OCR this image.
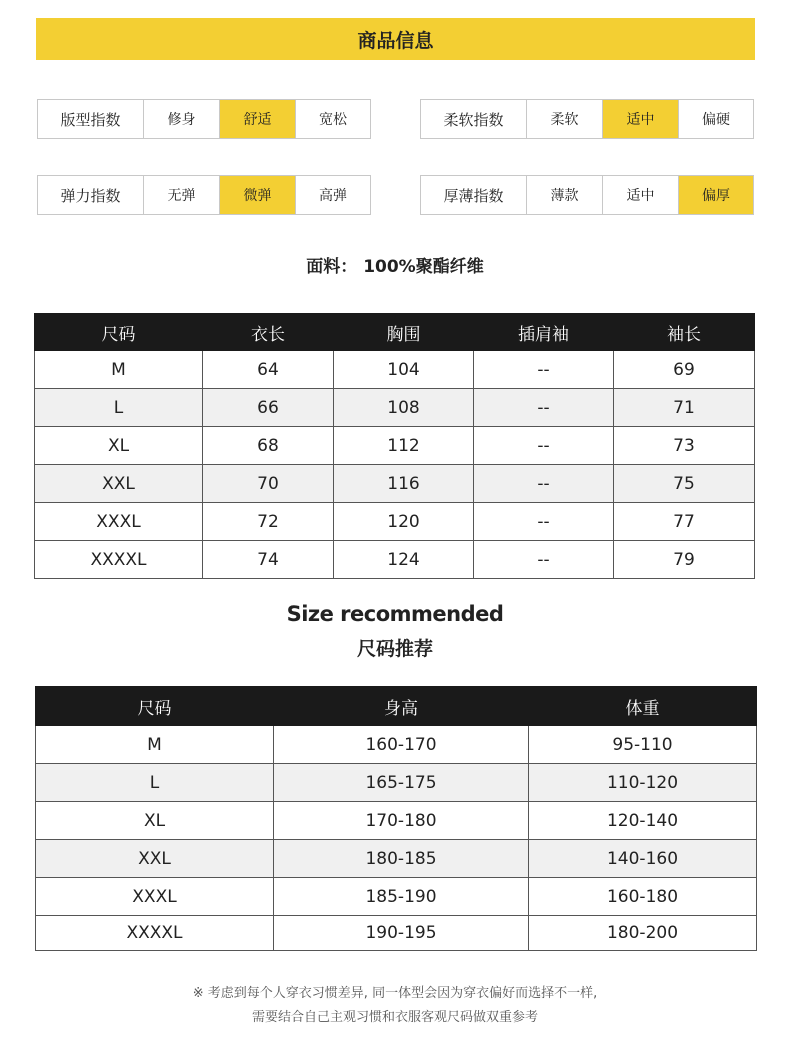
商品信息
版型指数	修身	舒适	宽松	柔软指数	柔软	适中	偏硬
弹力指数	无弹	微弹	高弹	厚薄指数	薄款	适中	偏厚
面料： 100%聚酯纤维
尺码	衣长	胸围	插肩袖	袖长
M	64	104	--	69
L	66	108	--	71
XL	68	112	--	73
XXL	70	116	--	75
XXXL	72	120	--	77
XXXXL	74	124	--	79
Size recommended
尺码推荐
尺码	身高	体重
M	160-170	95-110
L	165-175	110-120
XL	170-180	120-140
XXL	180-185	140-160
XXXL	185-190	160-180
XXXXL	190-195	180-200
※ 考虑到每个人穿衣习惯差异, 同一体型会因为穿衣偏好而选择不一样,
需要结合自己主观习惯和衣服客观尺码做双重参考
